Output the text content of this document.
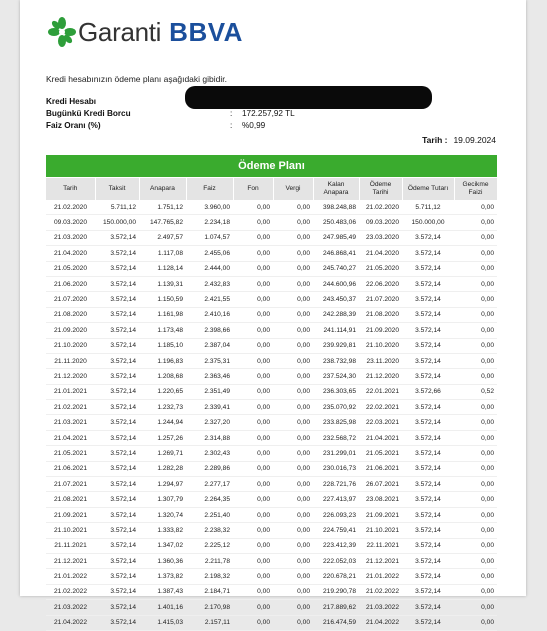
Garanti BBVA
Kredi hesabınızın ödeme planı aşağıdaki gibidir.
Kredi Hesabı
Bugünkü Kredi Borcu	: 172.257,92 TL
Faiz Oranı (%)	: %0,99
Tarih : 19.09.2024
Ödeme Planı
Tarih	Taksit	Anapara	Faiz	Fon	Vergi	Kalan Anapara	Ödeme Tarihi	Ödeme Tutarı	Gecikme Faizi
21.02.2020	5.711,12	1.751,12	3.960,00	0,00	0,00	398.248,88	21.02.2020	5.711,12	0,00
09.03.2020	150.000,00	147.765,82	2.234,18	0,00	0,00	250.483,06	09.03.2020	150.000,00	0,00
21.03.2020	3.572,14	2.497,57	1.074,57	0,00	0,00	247.985,49	23.03.2020	3.572,14	0,00
21.04.2020	3.572,14	1.117,08	2.455,06	0,00	0,00	246.868,41	21.04.2020	3.572,14	0,00
21.05.2020	3.572,14	1.128,14	2.444,00	0,00	0,00	245.740,27	21.05.2020	3.572,14	0,00
21.06.2020	3.572,14	1.139,31	2.432,83	0,00	0,00	244.600,96	22.06.2020	3.572,14	0,00
21.07.2020	3.572,14	1.150,59	2.421,55	0,00	0,00	243.450,37	21.07.2020	3.572,14	0,00
21.08.2020	3.572,14	1.161,98	2.410,16	0,00	0,00	242.288,39	21.08.2020	3.572,14	0,00
21.09.2020	3.572,14	1.173,48	2.398,66	0,00	0,00	241.114,91	21.09.2020	3.572,14	0,00
21.10.2020	3.572,14	1.185,10	2.387,04	0,00	0,00	239.929,81	21.10.2020	3.572,14	0,00
21.11.2020	3.572,14	1.196,83	2.375,31	0,00	0,00	238.732,98	23.11.2020	3.572,14	0,00
21.12.2020	3.572,14	1.208,68	2.363,46	0,00	0,00	237.524,30	21.12.2020	3.572,14	0,00
21.01.2021	3.572,14	1.220,65	2.351,49	0,00	0,00	236.303,65	22.01.2021	3.572,66	0,52
21.02.2021	3.572,14	1.232,73	2.339,41	0,00	0,00	235.070,92	22.02.2021	3.572,14	0,00
21.03.2021	3.572,14	1.244,94	2.327,20	0,00	0,00	233.825,98	22.03.2021	3.572,14	0,00
21.04.2021	3.572,14	1.257,26	2.314,88	0,00	0,00	232.568,72	21.04.2021	3.572,14	0,00
21.05.2021	3.572,14	1.269,71	2.302,43	0,00	0,00	231.299,01	21.05.2021	3.572,14	0,00
21.06.2021	3.572,14	1.282,28	2.289,86	0,00	0,00	230.016,73	21.06.2021	3.572,14	0,00
21.07.2021	3.572,14	1.294,97	2.277,17	0,00	0,00	228.721,76	26.07.2021	3.572,14	0,00
21.08.2021	3.572,14	1.307,79	2.264,35	0,00	0,00	227.413,97	23.08.2021	3.572,14	0,00
21.09.2021	3.572,14	1.320,74	2.251,40	0,00	0,00	226.093,23	21.09.2021	3.572,14	0,00
21.10.2021	3.572,14	1.333,82	2.238,32	0,00	0,00	224.759,41	21.10.2021	3.572,14	0,00
21.11.2021	3.572,14	1.347,02	2.225,12	0,00	0,00	223.412,39	22.11.2021	3.572,14	0,00
21.12.2021	3.572,14	1.360,36	2.211,78	0,00	0,00	222.052,03	21.12.2021	3.572,14	0,00
21.01.2022	3.572,14	1.373,82	2.198,32	0,00	0,00	220.678,21	21.01.2022	3.572,14	0,00
21.02.2022	3.572,14	1.387,43	2.184,71	0,00	0,00	219.290,78	21.02.2022	3.572,14	0,00
21.03.2022	3.572,14	1.401,16	2.170,98	0,00	0,00	217.889,62	21.03.2022	3.572,14	0,00
21.04.2022	3.572,14	1.415,03	2.157,11	0,00	0,00	216.474,59	21.04.2022	3.572,14	0,00
